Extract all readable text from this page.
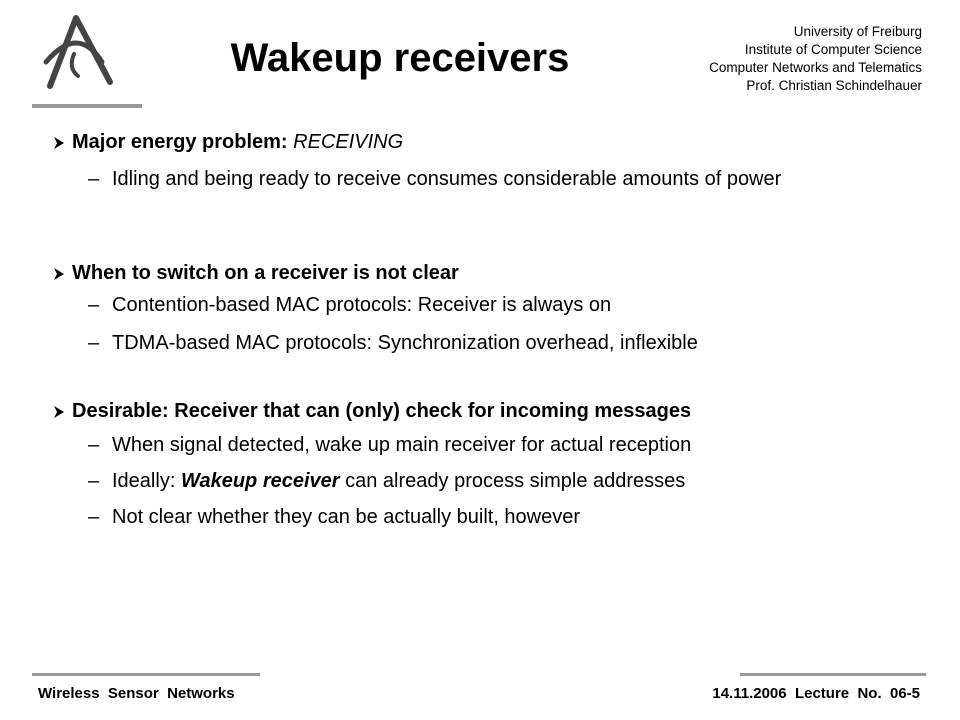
Wakeup receivers
University of Freiburg
Institute of Computer Science
Computer Networks and Telematics
Prof. Christian Schindelhauer
Major energy problem: RECEIVING
– Idling and being ready to receive consumes considerable amounts of power
When to switch on a receiver is not clear
– Contention-based MAC protocols: Receiver is always on
– TDMA-based MAC protocols: Synchronization overhead, inflexible
Desirable: Receiver that can (only) check for incoming messages
– When signal detected, wake up main receiver for actual reception
– Ideally: Wakeup receiver can already process simple addresses
– Not clear whether they can be actually built, however
Wireless  Sensor  Networks	14.11.2006  Lecture  No.  06-5
